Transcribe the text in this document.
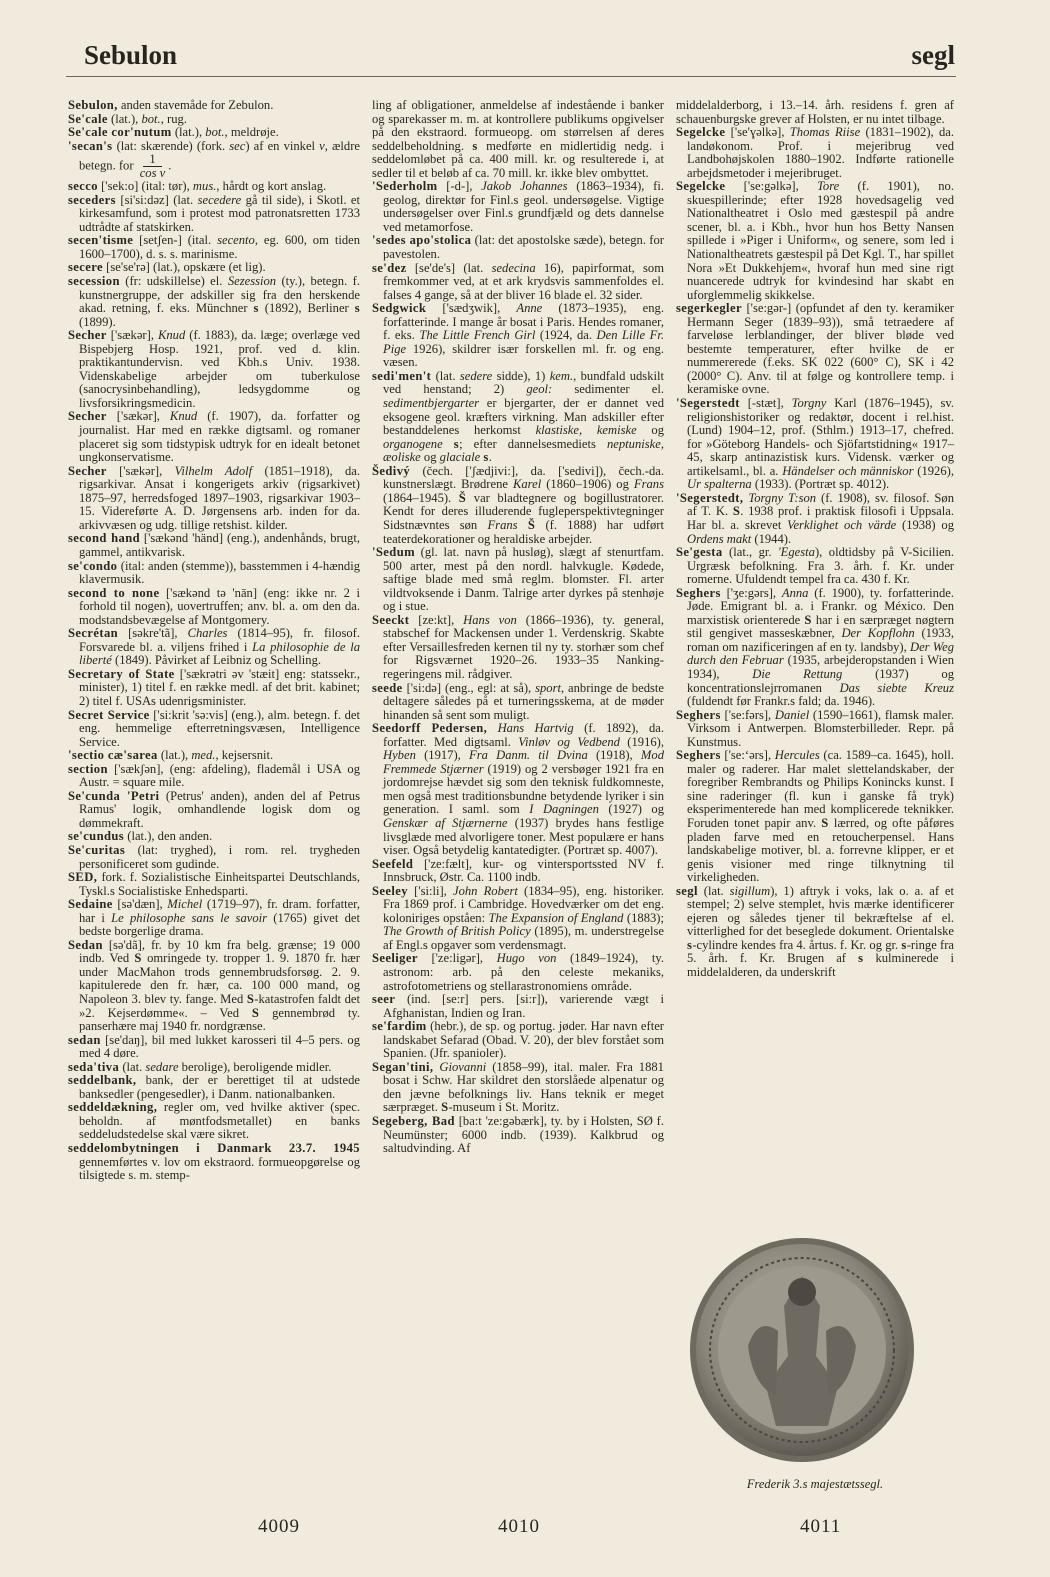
Sebulon	segl

Sebulon, anden stavemåde for Zebulon.

Se'cale (lat.), bot., rug.

Se'cale cor'nutum (lat.), bot., meldrøje.

'secan's (lat: skærende) (fork. sec) af en vinkel v, ældre betegn. for $\frac{1}{\text{cos v}}$ .

secco ['sek:o] (ital: tør), mus., hårdt og kort anslag.

seceders [si'si:dəz] (lat. secedere gå til side), i Skotl. et kirkesamfund, som i protest mod patronatsretten 1733 udtrådte af statskirken.

secen'tisme [setʃen-] (ital. secento, eg. 600, om tiden 1600–1700), d. s. s. marinisme.

secere [se'se'rə] (lat.), opskære (et lig).

secession (fr: udskillelse) el. Sezession (ty.), betegn. f. kunstnergruppe, der adskiller sig fra den herskende akad. retning, f. eks. Münchner s (1892), Berliner s (1899).

Secher ['sækər], Knud (f. 1883), da. læge; overlæge ved Bispebjerg Hosp. 1921, prof. ved d. klin. praktikantundervisn. ved Kbh.s Univ. 1938. Videnskabelige arbejder om tuberkulose (sanocrysinbehandling), ledsygdomme og livsforsikringsmedicin.

Secher ['sækər], Knud (f. 1907), da. forfatter og journalist. Har med en række digtsaml. og romaner placeret sig som tidstypisk udtryk for en idealt betonet ungkonservatisme.

Secher ['sækər], Vilhelm Adolf (1851–1918), da. rigsarkivar. Ansat i kongerigets arkiv (rigsarkivet) 1875–97, herredsfoged 1897–1903, rigsarkivar 1903–15. Videreførte A. D. Jørgensens arb. inden for da. arkivvæsen og udg. tillige retshist. kilder.

second hand ['sækənd 'händ] (eng.), andenhånds, brugt, gammel, antikvarisk.

se'condo (ital: anden (stemme)), basstemmen i 4-hændig klavermusik.

second to none ['sækənd tə 'nān] (eng: ikke nr. 2 i forhold til nogen), uovertruffen; anv. bl. a. om den da. modstandsbevægelse af Montgomery.

Secrétan [səkre'tã], Charles (1814–95), fr. filosof. Forsvarede bl. a. viljens frihed i La philosophie de la liberté (1849). Påvirket af Leibniz og Schelling.

Secretary of State ['sækrətri əv 'stæit] eng: statssekr., minister), 1) titel f. en række medl. af det brit. kabinet; 2) titel f. USAs udenrigsminister.

Secret Service ['si:krit 'sə:vis] (eng.), alm. betegn. f. det eng. hemmelige efterretningsvæsen, Intelligence Service.

'sectio cæ'sarea (lat.), med., kejsersnit.

section ['sækʃən], (eng: afdeling), flademål i USA og Austr. = square mile.

Se'cunda 'Petri (Petrus' anden), anden del af Petrus Ramus' logik, omhandlende logisk dom og dømmekraft.

se'cundus (lat.), den anden.

Se'curitas (lat: tryghed), i rom. rel. trygheden personificeret som gudinde.

SED, fork. f. Sozialistische Einheitspartei Deutschlands, Tyskl.s Socialistiske Enhedsparti.

Sedaine [sə'dæn], Michel (1719–97), fr. dram. forfatter, har i Le philosophe sans le savoir (1765) givet det bedste borgerlige drama.

Sedan [sə'dã], fr. by 10 km fra belg. grænse; 19 000 indb. Ved S omringede ty. tropper 1. 9. 1870 fr. hær under MacMahon trods gennembrudsforsøg. 2. 9. kapitulerede den fr. hær, ca. 100 000 mand, og Napoleon 3. blev ty. fange. Med S-katastrofen faldt det »2. Kejserdømme«. – Ved S gennembrød ty. panserhære maj 1940 fr. nordgrænse.

sedan [se'daŋ], bil med lukket karosseri til 4–5 pers. og med 4 døre.

seda'tiva (lat. sedare berolige), beroligende midler.

seddelbank, bank, der er berettiget til at udstede banksedler (pengesedler), i Danm. nationalbanken.

seddeldækning, regler om, ved hvilke aktiver (spec. beholdn. af møntfodsmetallet) en banks seddeludstedelse skal være sikret.

seddelombytningen i Danmark 23.7. 1945 gennemførtes v. lov om ekstraord. formueopgørelse og tilsigtede s. m. stemp-

ling af obligationer, anmeldelse af indestående i banker og sparekasser m. m. at kontrollere publikums opgivelser på den ekstraord. formueopg. om størrelsen af deres seddelbeholdning. s medførte en midlertidig nedg. i seddelomløbet på ca. 400 mill. kr. og resulterede i, at sedler til et beløb af ca. 70 mill. kr. ikke blev ombyttet.

'Sederholm [-d-], Jakob Johannes (1863–1934), fi. geolog, direktør for Finl.s geol. undersøgelse. Vigtige undersøgelser over Finl.s grundfjæld og dets dannelse ved metamorfose.

'sedes apo'stolica (lat: det apostolske sæde), betegn. for pavestolen.

se'dez [se'de's] (lat. sedecina 16), papirformat, som fremkommer ved, at et ark krydsvis sammenfoldes el. falses 4 gange, så at der bliver 16 blade el. 32 sider.

Sedgwick ['sædʒwik], Anne (1873–1935), eng. forfatterinde. I mange år bosat i Paris. Hendes romaner, f. eks. The Little French Girl (1924, da. Den Lille Fr. Pige 1926), skildrer især forskellen ml. fr. og eng. væsen.

sedi'men't (lat. sedere sidde), 1) kem., bundfald udskilt ved henstand; 2) geol: sedimenter el. sedimentbjergarter er bjergarter, der er dannet ved eksogene geol. kræfters virkning. Man adskiller efter bestanddelenes herkomst klastiske, kemiske og organogene s; efter dannelsesmediets neptuniske, æoliske og glaciale s.

Šedivý (čech. ['ʃædjivi:], da. ['sedivi]), čech.-da. kunstnerslægt. Brødrene Karel (1860–1906) og Frans (1864–1945). Š var bladtegnere og bogillustratorer. Kendt for deres illuderende fugleperspektivtegninger Sidstnævntes søn Frans Š (f. 1888) har udført teaterdekorationer og heraldiske arbejder.

'Sedum (gl. lat. navn på husløg), slægt af stenurtfam. 500 arter, mest på den nordl. halvkugle. Kødede, saftige blade med små reglm. blomster. Fl. arter vildtvoksende i Danm. Talrige arter dyrkes på stenhøje og i stue.

Seeckt [ze:kt], Hans von (1866–1936), ty. general, stabschef for Mackensen under 1. Verdenskrig. Skabte efter Versaillesfreden kernen til ny ty. storhær som chef for Rigsværnet 1920–26. 1933–35 Nanking-regeringens mil. rådgiver.

seede ['si:də] (eng., egl: at så), sport, anbringe de bedste deltagere således på et turneringsskema, at de møder hinanden så sent som muligt.

Seedorff Pedersen, Hans Hartvig (f. 1892), da. forfatter. Med digtsaml. Vinløv og Vedbend (1916), Hyben (1917), Fra Danm. til Dvina (1918), Mod Fremmede Stjærner (1919) og 2 versbøger 1921 fra en jordomrejse hævdet sig som den teknisk fuldkomneste, men også mest traditionsbundne betydende lyriker i sin generation. I saml. som I Dagningen (1927) og Genskær af Stjærnerne (1937) brydes hans festlige livsglæde med alvorligere toner. Mest populære er hans viser. Også betydelig kantatedigter. (Portræt sp. 4007).

Seefeld ['ze:fælt], kur- og vintersportssted NV f. Innsbruck, Østr. Ca. 1100 indb.

Seeley ['si:li], John Robert (1834–95), eng. historiker. Fra 1869 prof. i Cambridge. Hovedværker om det eng. koloniriges opståen: The Expansion of England (1883); The Growth of British Policy (1895), m. understregelse af Engl.s opgaver som verdensmagt.

Seeliger ['ze:ligər], Hugo von (1849–1924), ty. astronom: arb. på den celeste mekaniks, astrofotometriens og stellarastronomiens område.

seer (ind. [se:r] pers. [si:r]), varierende vægt i Afghanistan, Indien og Iran.

se'fardim (hebr.), de sp. og portug. jøder. Har navn efter landskabet Sefarad (Obad. V. 20), der blev forstået som Spanien. (Jfr. spanioler).

Segan'tini, Giovanni (1858–99), ital. maler. Fra 1881 bosat i Schw. Har skildret den storslåede alpenatur og den jævne befolknings liv. Hans teknik er meget særpræget. S-museum i St. Moritz.

Segeberg, Bad [ba:t 'ze:gəbærk], ty. by i Holsten, SØ f. Neumünster; 6000 indb. (1939). Kalkbrud og saltudvinding. Af

middelalderborg, i 13.–14. årh. residens f. gren af schauenburgske grever af Holsten, er nu intet tilbage.

Segelcke ['se'ɣəlkə], Thomas Riise (1831–1902), da. landøkonom. Prof. i mejeribrug ved Landbohøjskolen 1880–1902. Indførte rationelle arbejdsmetoder i mejeribruget.

Segelcke ['se:gəlkə], Tore (f. 1901), no. skuespillerinde; efter 1928 hovedsagelig ved Nationaltheatret i Oslo med gæstespil på andre scener, bl. a. i Kbh., hvor hun hos Betty Nansen spillede i »Piger i Uniform«, og senere, som led i Nationaltheatrets gæstespil på Det Kgl. T., har spillet Nora »Et Dukkehjem«, hvoraf hun med sine rigt nuancerede udtryk for kvindesind har skabt en uforglemmelig skikkelse.

segerkegler ['se:gər-] (opfundet af den ty. keramiker Hermann Seger (1839–93)), små tetraedere af farveløse lerblandinger, der bliver bløde ved bestemte temperaturer, efter hvilke de er nummererede (f.eks. SK 022 (600° C), SK i 42 (2000° C). Anv. til at følge og kontrollere temp. i keramiske ovne.

'Segerstedt [-stæt], Torgny Karl (1876–1945), sv. religionshistoriker og redaktør, docent i rel.hist. (Lund) 1904–12, prof. (Sthlm.) 1913–17, chefred. for »Göteborg Handels- och Sjöfartstidning« 1917–45, skarp antinazistisk kurs. Vidensk. værker og artikelsaml., bl. a. Händelser och människor (1926), Ur spalterna (1933). (Portræt sp. 4012).

'Segerstedt, Torgny T:son (f. 1908), sv. filosof. Søn af T. K. S. 1938 prof. i praktisk filosofi i Uppsala. Har bl. a. skrevet Verklighet och värde (1938) og Ordens makt (1944).

Se'gesta (lat., gr. 'Egesta), oldtidsby på V-Sicilien. Urgræsk befolkning. Fra 3. årh. f. Kr. under romerne. Ufuldendt tempel fra ca. 430 f. Kr.

Seghers ['ʒe:gərs], Anna (f. 1900), ty. forfatterinde. Jøde. Emigrant bl. a. i Frankr. og México. Den marxistisk orienterede S har i en særpræget nøgtern stil gengivet masseskæbner, Der Kopflohn (1933, roman om nazificeringen af en ty. landsby), Der Weg durch den Februar (1935, arbejderopstanden i Wien 1934), Die Rettung (1937) og koncentrationslejrromanen Das siebte Kreuz (fuldendt før Frankr.s fald; da. 1946).

Seghers ['se:fərs], Daniel (1590–1661), flamsk maler. Virksom i Antwerpen. Blomsterbilleder. Repr. på Kunstmus.

Seghers ['se:ʻərs], Hercules (ca. 1589–ca. 1645), holl. maler og raderer. Har malet slettelandskaber, der foregriber Rembrandts og Philips Konincks kunst. I sine raderinger (fl. kun i ganske få tryk) eksperimenterede han med komplicerede teknikker. Foruden tonet papir anv. S lærred, og ofte påføres pladen farve med en retoucherpensel. Hans landskabelige motiver, bl. a. forrevne klipper, er et genis visioner med ringe tilknytning til virkeligheden.

segl (lat. sigillum), 1) aftryk i voks, lak o. a. af et stempel; 2) selve stemplet, hvis mærke identificerer ejeren og således tjener til bekræftelse af el. vitterlighed for det beseglede dokument. Orientalske s-cylindre kendes fra 4. årtus. f. Kr. og gr. s-ringe fra 5. årh. f. Kr. Brugen af s kulminerede i middelalderen, da underskrift

Frederik 3.s majestætssegl.
4009	4010	4011
